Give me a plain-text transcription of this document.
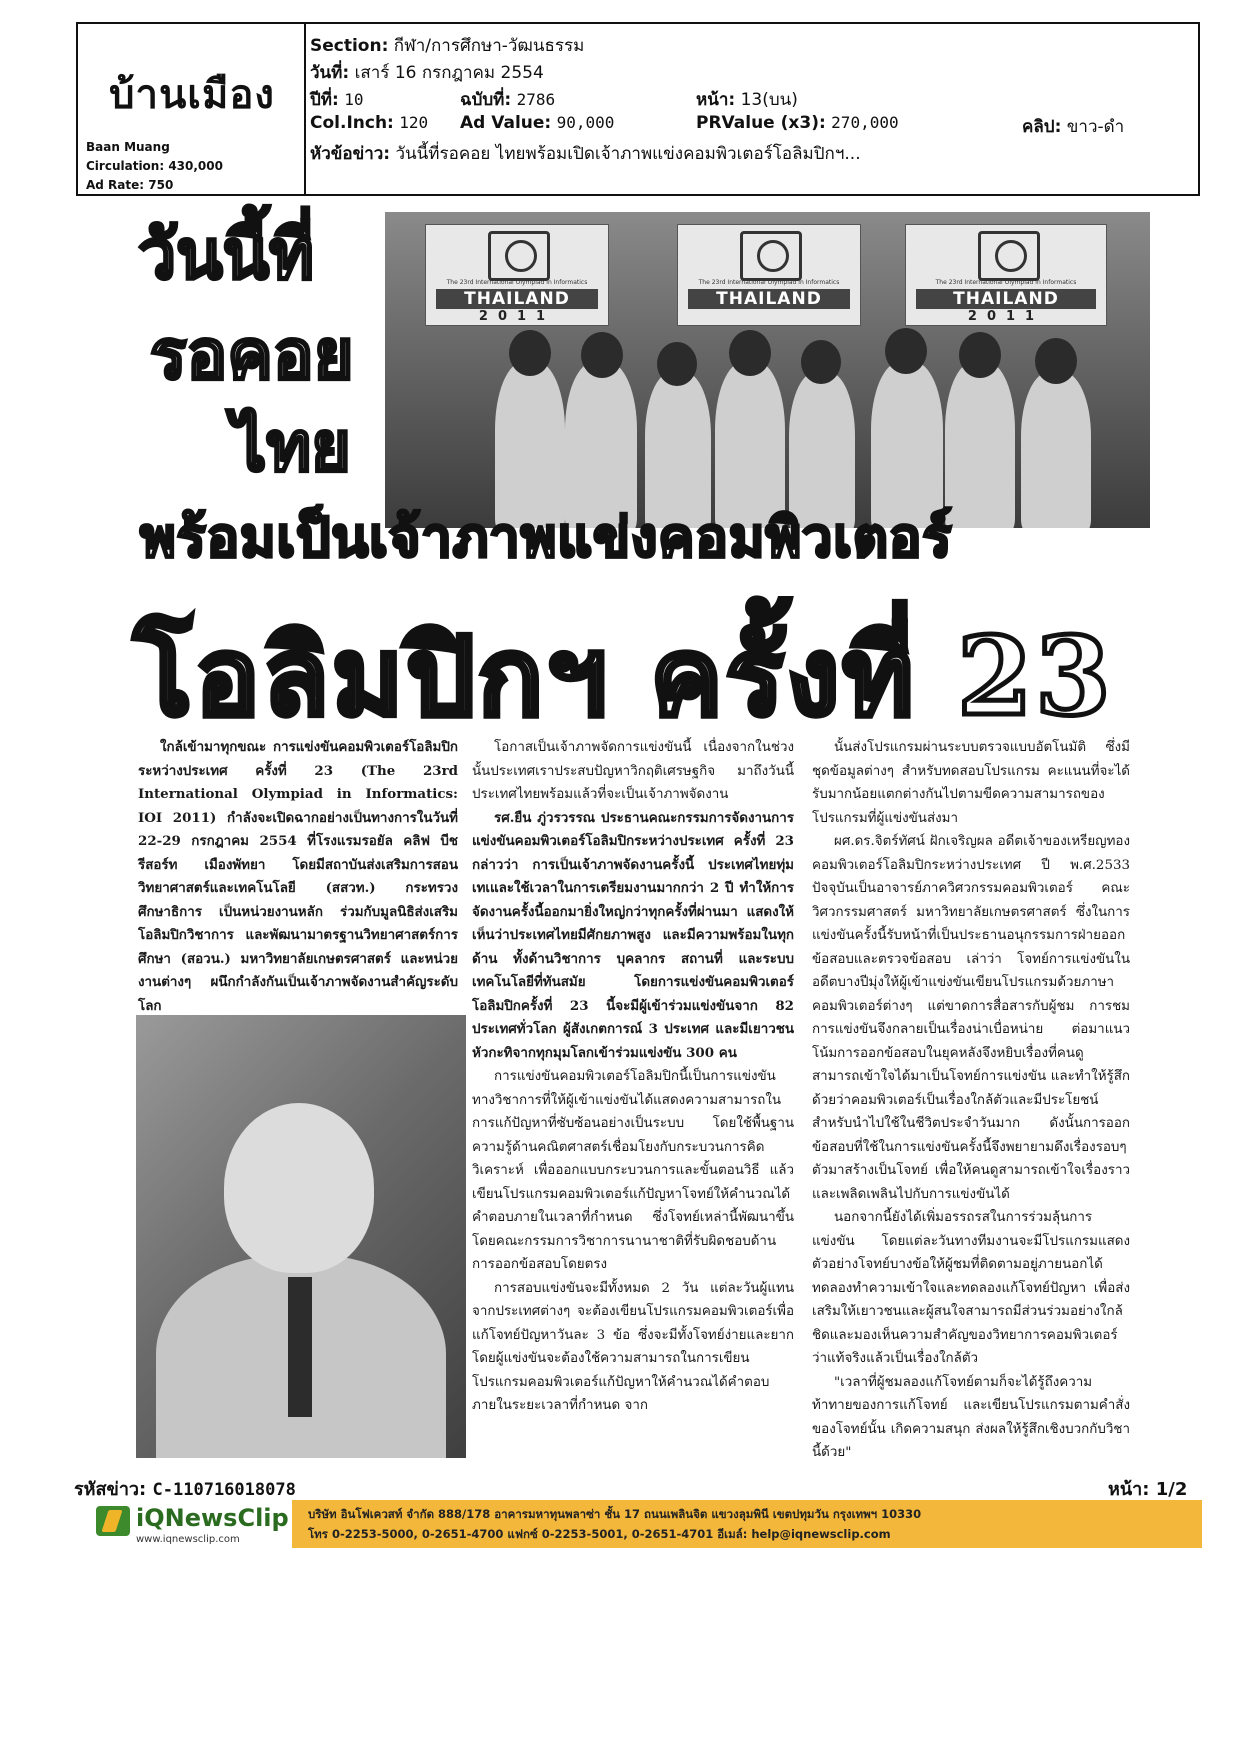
บ้านเมือง
Baan Muang
Circulation: 430,000
Ad Rate: 750
Section: กีฬา/การศึกษา-วัฒนธรรม
วันที่: เสาร์ 16 กรกฎาคม 2554
ปีที่: 10	ฉบับที่: 2786	หน้า: 13(บน)
Col.Inch: 120 Ad Value: 90,000	PRValue (x3): 270,000	คลิป: ขาว-ดำ
หัวข้อข่าว: วันนี้ที่รอคอย ไทยพร้อมเปิดเจ้าภาพแข่งคอมพิวเตอร์โอลิมปิกฯ...
The 23rd International Olympiad in Informatics
THAILAND
2011
The 23rd International Olympiad in Informatics
THAILAND
The 23rd International Olympiad in Informatics
THAILAND
2011
วันนี้ที่
รอคอย
ไทย
พร้อมเป็นเจ้าภาพแข่งคอมพิวเตอร์
โอลิมปิกฯ ครั้งที่ 23

ใกล้เข้ามาทุกขณะ การแข่งขันคอมพิวเตอร์โอลิมปิกระหว่างประเทศ ครั้งที่ 23 (The 23rd International Olympiad in Informatics: IOI 2011) กำลังจะเปิดฉากอย่างเป็นทางการในวันที่ 22-29 กรกฎาคม 2554 ที่โรงแรมรอยัล คลิฟ บีช รีสอร์ท เมืองพัทยา โดยมีสถาบันส่งเสริมการสอนวิทยาศาสตร์และเทคโนโลยี (สสวท.) กระทรวงศึกษาธิการ เป็นหน่วยงานหลัก ร่วมกับมูลนิธิส่งเสริมโอลิมปิกวิชาการ และพัฒนามาตรฐานวิทยาศาสตร์การศึกษา (สอวน.) มหาวิทยาลัยเกษตรศาสตร์ และหน่วยงานต่างๆ ผนึกกำลังกันเป็นเจ้าภาพจัดงานสำคัญระดับโลก

โอกาสเป็นเจ้าภาพจัดการแข่งขันนี้ เนื่องจากในช่วงนั้นประเทศเราประสบปัญหาวิกฤติเศรษฐกิจ มาถึงวันนี้ประเทศไทยพร้อมแล้วที่จะเป็นเจ้าภาพจัดงาน

รศ.ยืน ภู่วรวรรณ ประธานคณะกรรมการจัดงานการแข่งขันคอมพิวเตอร์โอลิมปิกระหว่างประเทศ ครั้งที่ 23 กล่าวว่า การเป็นเจ้าภาพจัดงานครั้งนี้ ประเทศไทยทุ่มเทเและใช้เวลาในการเตรียมงานมากกว่า 2 ปี ทำให้การจัดงานครั้งนี้ออกมายิ่งใหญ่กว่าทุกครั้งที่ผ่านมา แสดงให้เห็นว่าประเทศไทยมีศักยภาพสูง และมีความพร้อมในทุกด้าน ทั้งด้านวิชาการ บุคลากร สถานที่ และระบบเทคโนโลยีที่ทันสมัย โดยการแข่งขันคอมพิวเตอร์โอลิมปิกครั้งที่ 23 นี้จะมีผู้เข้าร่วมแข่งขันจาก 82 ประเทศทั่วโลก ผู้สังเกตการณ์ 3 ประเทศ และมีเยาวชนหัวกะทิจากทุกมุมโลกเข้าร่วมแข่งขัน 300 คน

การแข่งขันคอมพิวเตอร์โอลิมปิกนี้เป็นการแข่งขันทางวิชาการที่ให้ผู้เข้าแข่งขันได้แสดงความสามารถในการแก้ปัญหาที่ซับซ้อนอย่างเป็นระบบ โดยใช้พื้นฐานความรู้ด้านคณิตศาสตร์เชื่อมโยงกับกระบวนการคิด วิเคราะห์ เพื่อออกแบบกระบวนการและขั้นตอนวิธี แล้วเขียนโปรแกรมคอมพิวเตอร์แก้ปัญหาโจทย์ให้คำนวณได้คำตอบภายในเวลาที่กำหนด ซึ่งโจทย์เหล่านี้พัฒนาขึ้นโดยคณะกรรมการวิชาการนานาชาติที่รับผิดชอบด้านการออกข้อสอบโดยตรง

การสอบแข่งขันจะมีทั้งหมด 2 วัน แต่ละวันผู้แทนจากประเทศต่างๆ จะต้องเขียนโปรแกรมคอมพิวเตอร์เพื่อแก้โจทย์ปัญหาวันละ 3 ข้อ ซึ่งจะมีทั้งโจทย์ง่ายและยาก โดยผู้แข่งขันจะต้องใช้ความสามารถในการเขียนโปรแกรมคอมพิวเตอร์แก้ปัญหาให้คำนวณได้คำตอบภายในระยะเวลาที่กำหนด จาก

นั้นส่งโปรแกรมผ่านระบบตรวจแบบอัตโนมัติ ซึ่งมีชุดข้อมูลต่างๆ สำหรับทดสอบโปรแกรม คะแนนที่จะได้รับมากน้อยแตกต่างกันไปตามขีดความสามารถของโปรแกรมที่ผู้แข่งขันส่งมา

ผศ.ดร.จิตร์ทัศน์ ฝักเจริญผล อดีตเจ้าของเหรียญทองคอมพิวเตอร์โอลิมปิกระหว่างประเทศ ปี พ.ศ.2533 ปัจจุบันเป็นอาจารย์ภาควิศวกรรมคอมพิวเตอร์ คณะวิศวกรรมศาสตร์ มหาวิทยาลัยเกษตรศาสตร์ ซึ่งในการแข่งขันครั้งนี้รับหน้าที่เป็นประธานอนุกรรมการฝ่ายออกข้อสอบและตรวจข้อสอบ เล่าว่า โจทย์การแข่งขันในอดีตบางปีมุ่งให้ผู้เข้าแข่งขันเขียนโปรแกรมด้วยภาษาคอมพิวเตอร์ต่างๆ แต่ขาดการสื่อสารกับผู้ชม การชมการแข่งขันจึงกลายเป็นเรื่องน่าเบื่อหน่าย ต่อมาแนวโน้มการออกข้อสอบในยุคหลังจึงหยิบเรื่องที่คนดูสามารถเข้าใจได้มาเป็นโจทย์การแข่งขัน และทำให้รู้สึกด้วยว่าคอมพิวเตอร์เป็นเรื่องใกล้ตัวและมีประโยชน์สำหรับนำไปใช้ในชีวิตประจำวันมาก ดังนั้นการออกข้อสอบที่ใช้ในการแข่งขันครั้งนี้จึงพยายามดึงเรื่องรอบๆ ตัวมาสร้างเป็นโจทย์ เพื่อให้คนดูสามารถเข้าใจเรื่องราวและเพลิดเพลินไปกับการแข่งขันได้

นอกจากนี้ยังได้เพิ่มอรรถรสในการร่วมลุ้นการแข่งขัน โดยแต่ละวันทางทีมงานจะมีโปรแกรมแสดงตัวอย่างโจทย์บางข้อให้ผู้ชมที่ติดตามอยู่ภายนอกได้ทดลองทำความเข้าใจและทดลองแก้โจทย์ปัญหา เพื่อส่งเสริมให้เยาวชนและผู้สนใจสามารถมีส่วนร่วมอย่างใกล้ชิดและมองเห็นความสำคัญของวิทยาการคอมพิวเตอร์ว่าแท้จริงแล้วเป็นเรื่องใกล้ตัว

"เวลาที่ผู้ชมลองแก้โจทย์ตามก็จะได้รู้ถึงความท้าทายของการแก้โจทย์ และเขียนโปรแกรมตามคำสั่งของโจทย์นั้น เกิดความสนุก ส่งผลให้รู้สึกเชิงบวกกับวิชานี้ด้วย"

รหัสข่าว: C-110716018078	หน้า: 1/2
iQNewsClip
www.iqnewsclip.com
บริษัท อินโฟเควสท์ จำกัด 888/178 อาคารมหาทุนพลาซ่า ชั้น 17 ถนนเพลินจิต แขวงลุมพินี เขตปทุมวัน กรุงเทพฯ 10330
โทร 0-2253-5000, 0-2651-4700 แฟกซ์ 0-2253-5001, 0-2651-4701 อีเมล์: help@iqnewsclip.com
